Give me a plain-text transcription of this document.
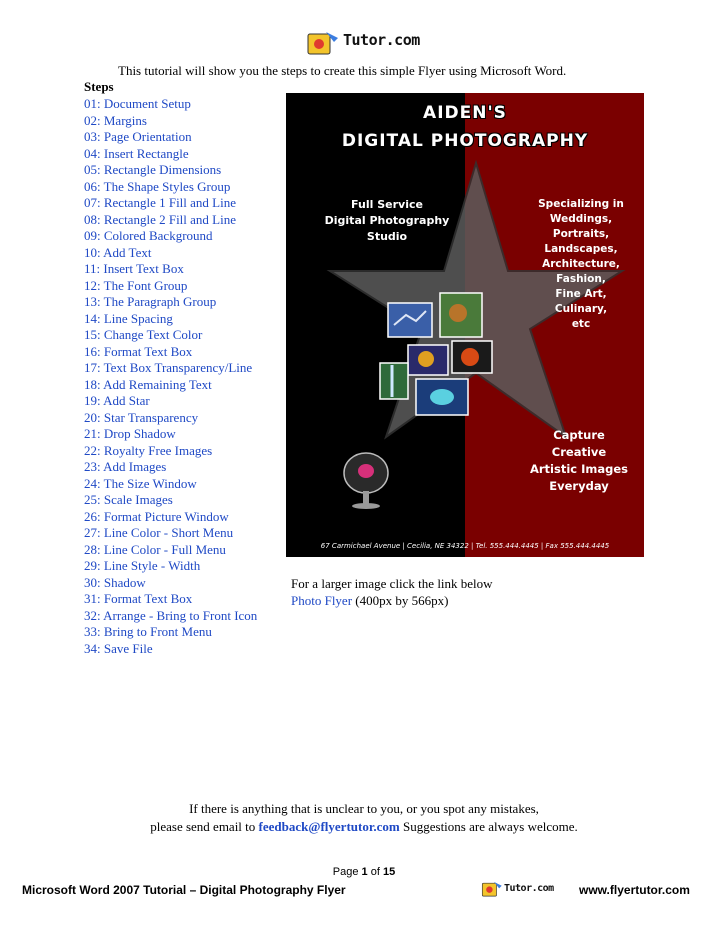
Tutor.com
This tutorial will show you the steps to create this simple Flyer using Microsoft Word.
Steps
01: Document Setup
02: Margins
03: Page Orientation
04: Insert Rectangle
05: Rectangle Dimensions
06: The Shape Styles Group
07: Rectangle 1 Fill and Line
08: Rectangle 2 Fill and Line
09: Colored Background
10: Add Text
11: Insert Text Box
12: The Font Group
13: The Paragraph Group
14: Line Spacing
15: Change Text Color
16: Format Text Box
17: Text Box Transparency/Line
18: Add Remaining Text
19: Add Star
20: Star Transparency
21: Drop Shadow
22: Royalty Free Images
23: Add Images
24: The Size Window
25: Scale Images
26: Format Picture Window
27: Line Color - Short Menu
28: Line Color - Full Menu
29: Line Style - Width
30: Shadow
31: Format Text Box
32: Arrange - Bring to Front Icon
33: Bring to Front Menu
34: Save File
AIDEN'S
DIGITAL PHOTOGRAPHY
Full Service
Digital Photography
Studio
Specializing in
Weddings,
Portraits,
Landscapes,
Architecture,
Fashion,
Fine Art,
Culinary,
etc
Capture
Creative
Artistic Images
Everyday
67 Carmichael Avenue | Cecilia, NE 34322 | Tel. 555.444.4445 | Fax 555.444.4445
For a larger image click the link below
Photo Flyer (400px by 566px)
If there is anything that is unclear to you, or you spot any mistakes,
please send email to feedback@flyertutor.com Suggestions are always welcome.
Page 1 of 15
Microsoft Word 2007 Tutorial – Digital Photography Flyer	Tutor.com www.flyertutor.com
